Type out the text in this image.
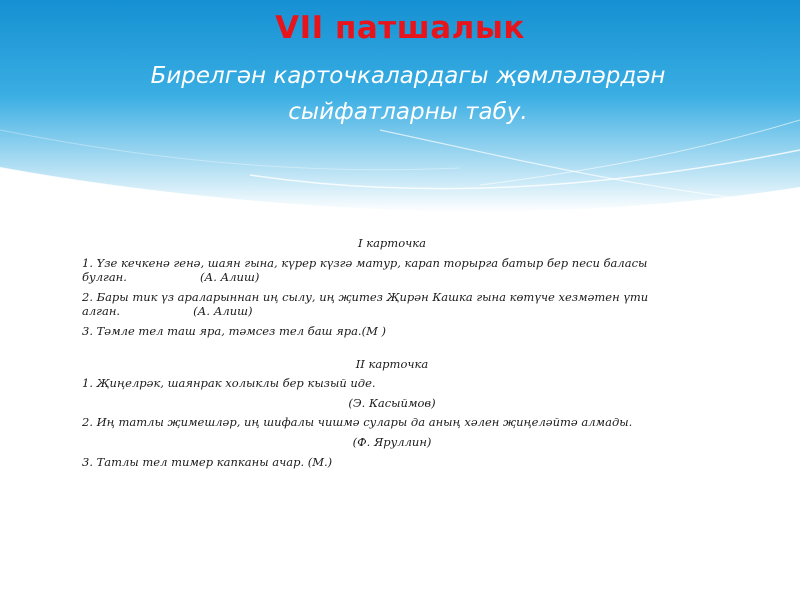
VII патшалык
Бирелгән карточкалардагы җөмләләрдән сыйфатларны табу.

I карточка

1. Үзе кечкенә генә, шаян гына, күрер күзгә матур, карап торырга батыр бер песи баласы

булган.                    (А. Алиш)

2. Бары тик үз араларыннан иң сылу, иң җитез Җирән Кашка гына көтүче хезмәтен үти

алган.                    (А. Алиш)

3. Тәмле тел таш яра, тәмсез тел баш яра.(М )

II карточка

1. Җиңелрәк, шаянрак холыклы бер кызый иде.

(Э. Касыймов)

2. Иң татлы җимешләр, иң шифалы чишмә сулары да аның хәлен җиңеләйтә алмады.

(Ф. Яруллин)

3. Татлы тел тимер капканы ачар. (М.)
